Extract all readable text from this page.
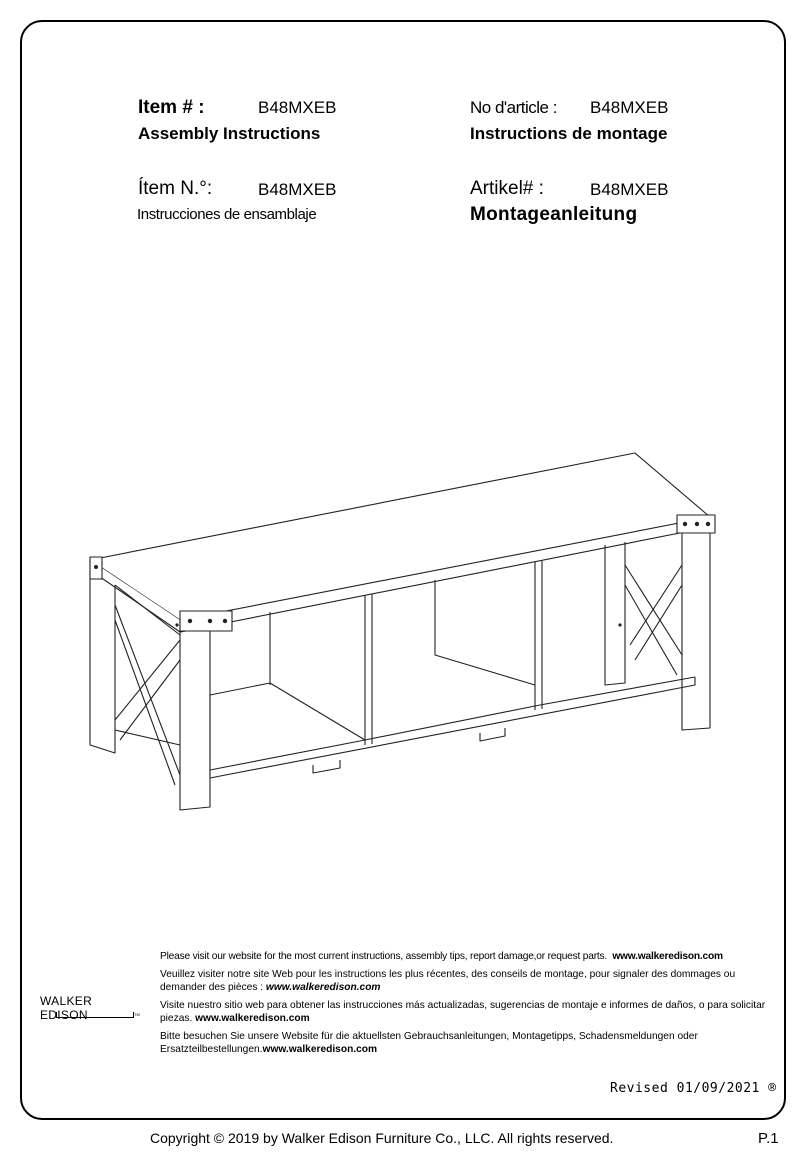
Item # :	B48MXEB
Assembly Instructions
Ítem N.°:	B48MXEB
Instrucciones de ensamblaje
No d'article : B48MXEB
Instructions de montage
Artikel# :	B48MXEB
Montageanleitung
WALKER EDISON	TM

Please visit our website for the most current instructions, assembly tips, report damage,or request parts. www.walkeredison.com

Veuillez visiter notre site Web pour les instructions les plus récentes, des conseils de montage, pour signaler des dommages ou demander des pièces : www.walkeredison.com

Visite nuestro sitio web para obtener las instrucciones más actualizadas, sugerencias de montaje e informes de daños, o para solicitar piezas. www.walkeredison.com

Bitte besuchen Sie unsere Website für die aktuellsten Gebrauchsanleitungen, Montagetipps, Schadensmeldungen oder Ersatzteilbestellungen.www.walkeredison.com

Revised 01/09/2021 ®
Copyright © 2019 by Walker Edison Furniture Co., LLC. All rights reserved.	P.1
